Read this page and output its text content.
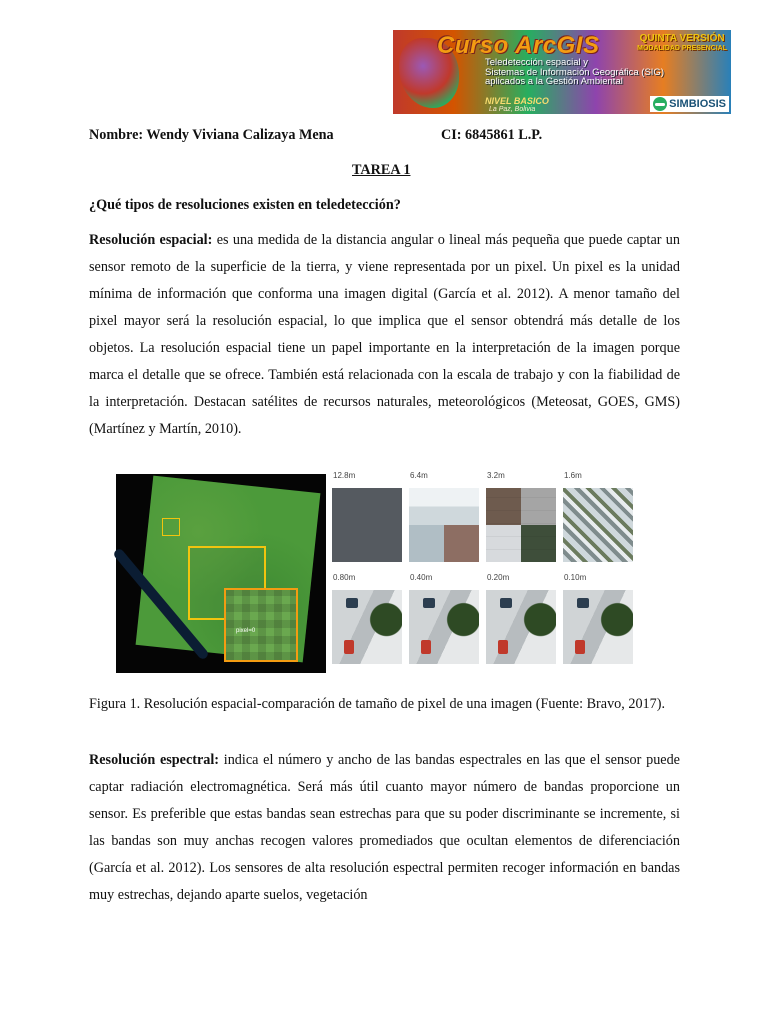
Curso ArcGIS	QUINTA VERSIÓN
MODALIDAD PRESENCIAL
Teledetección espacial y
Sistemas de Información Geográfica (SIG)
aplicados a la Gestión Ambiental
NIVEL BASICO
La Paz, Bolivia	SIMBIOSIS
Nombre: Wendy Viviana Calizaya Mena	CI: 6845861 L.P.
TAREA 1
¿Qué tipos de resoluciones existen en teledetección?

Resolución espacial: es una medida de la distancia angular o lineal más pequeña que puede captar un sensor remoto de la superficie de la tierra, y viene representada por un pixel. Un pixel es la unidad mínima de información que conforma una imagen digital (García et al. 2012). A menor tamaño del pixel mayor será la resolución espacial, lo que implica que el sensor obtendrá más detalle de los objetos. La resolución espacial tiene un papel importante en la interpretación de la imagen porque marca el detalle que se ofrece. También está relacionada con la escala de trabajo y con la fiabilidad de la interpretación. Destacan satélites de recursos naturales, meteorológicos (Meteosat, GOES, GMS) (Martínez y Martín, 2010).

pixel=0
12.8m	6.4m	3.2m	1.6m
0.80m	0.40m	0.20m	0.10m

Figura 1. Resolución espacial-comparación de tamaño de pixel de una imagen (Fuente: Bravo, 2017).

Resolución espectral: indica el número y ancho de las bandas espectrales en las que el sensor puede captar radiación electromagnética. Será más útil cuanto mayor número de bandas proporcione un sensor. Es preferible que estas bandas sean estrechas para que su poder discriminante se incremente, si las bandas son muy anchas recogen valores promediados que ocultan elementos de diferenciación (García et al. 2012). Los sensores de alta resolución espectral permiten recoger información en bandas muy estrechas, dejando aparte suelos, vegetación
